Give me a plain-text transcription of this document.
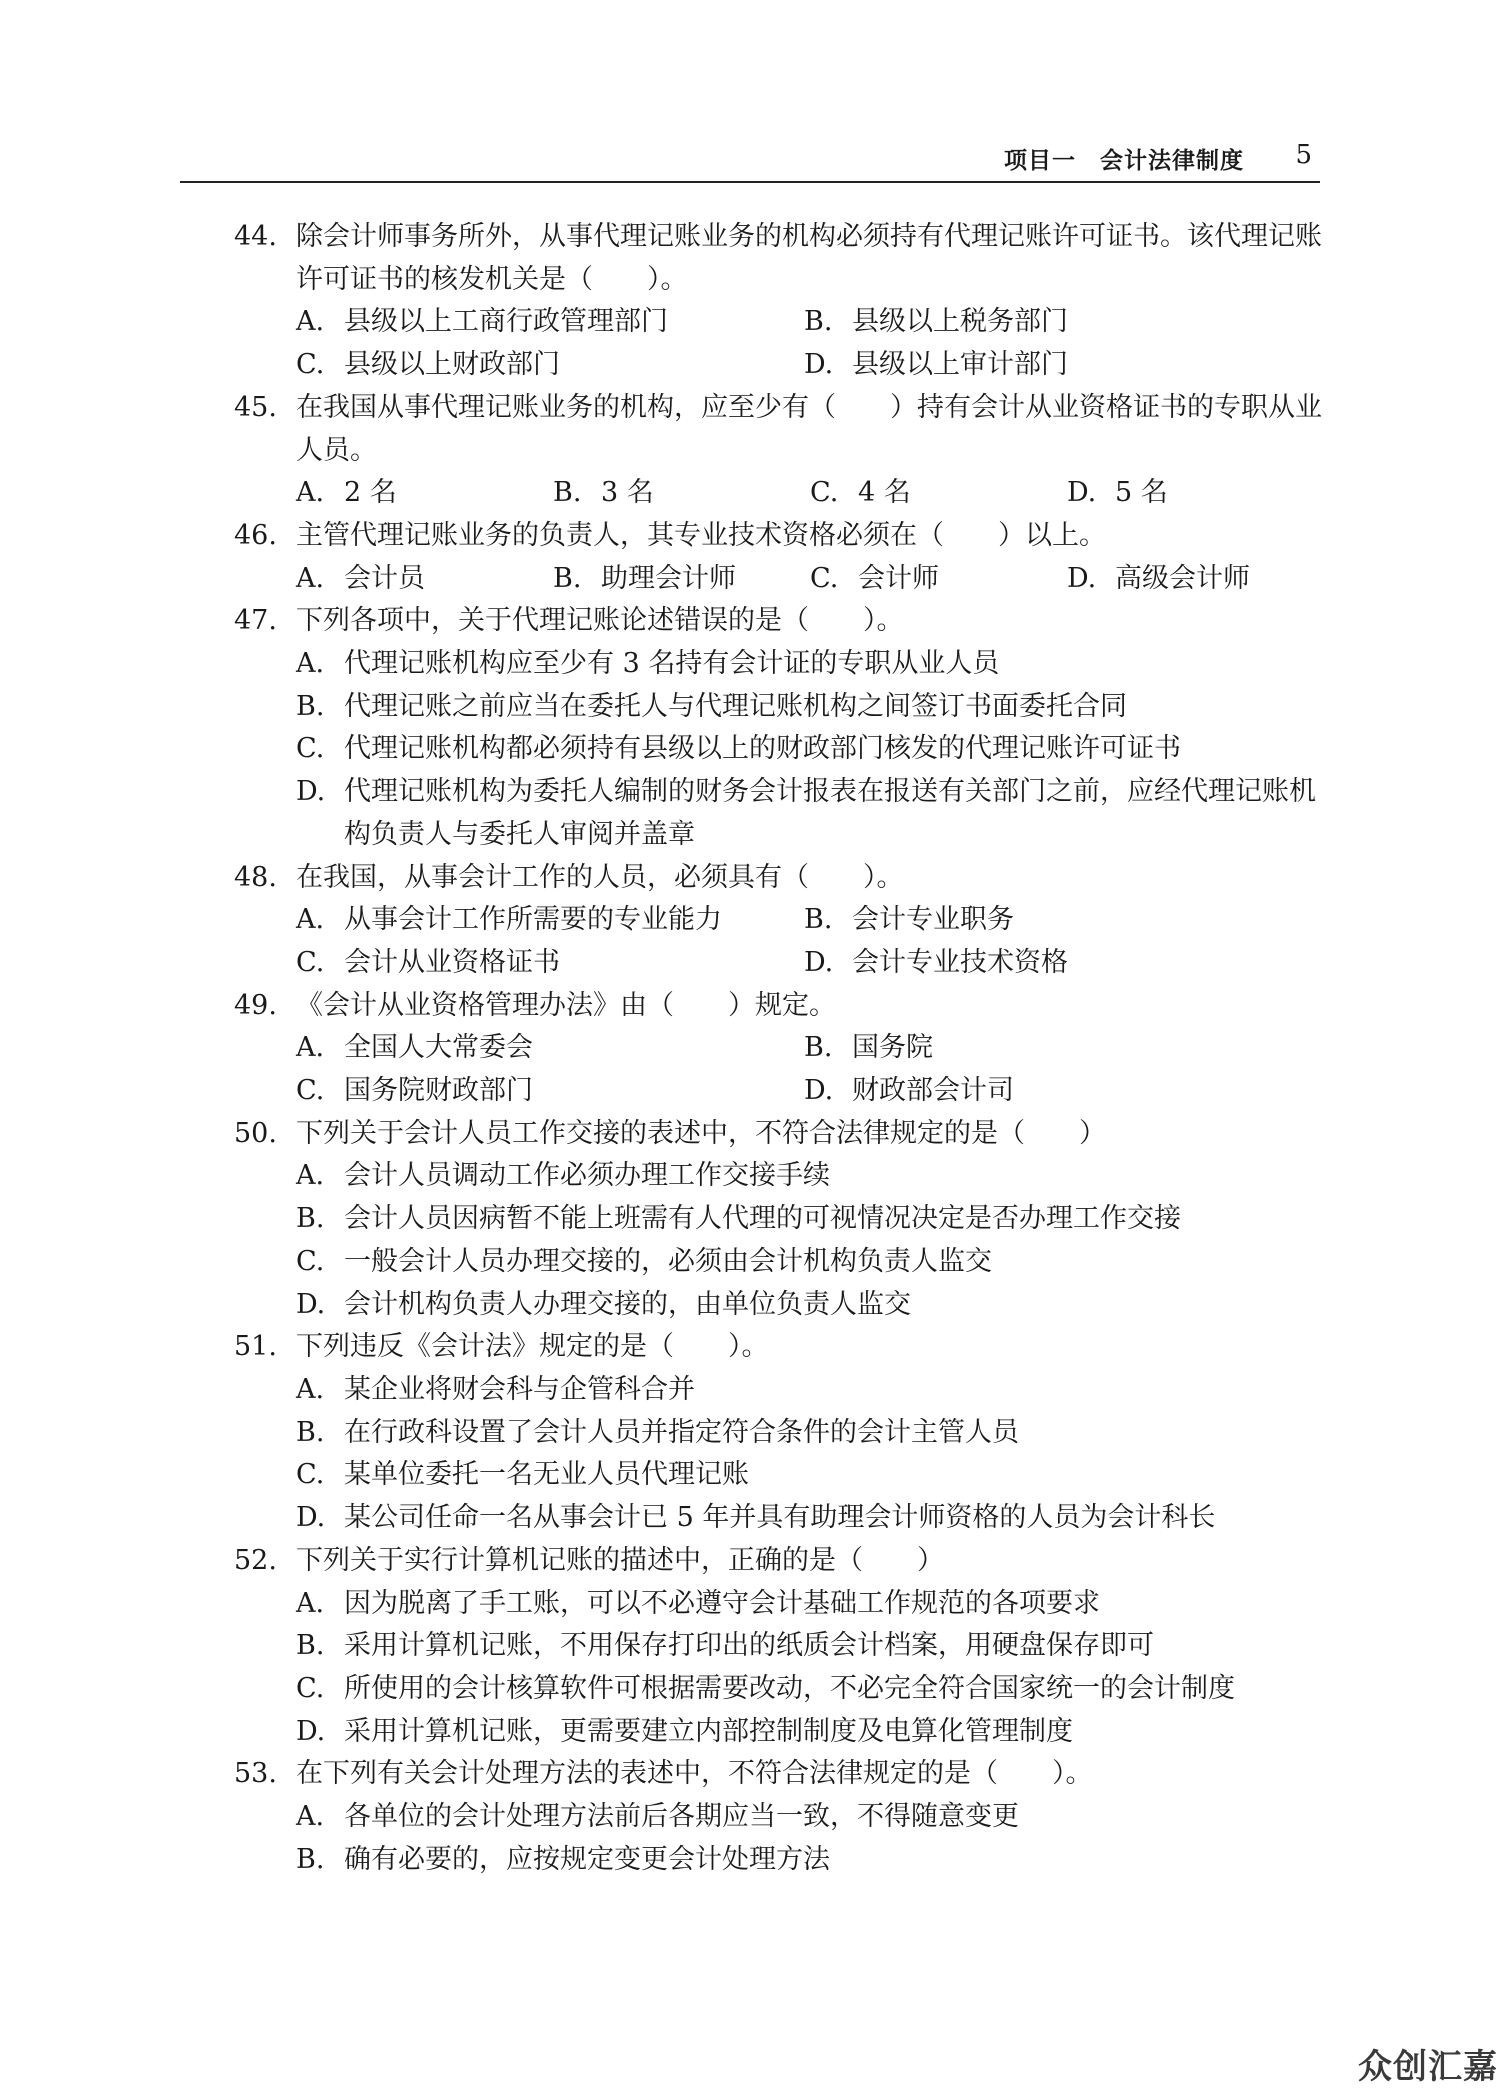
项目一　会计法律制度 5
44. 除会计师事务所外，从事代理记账业务的机构必须持有代理记账许可证书。该代理记账许可证书的核发机关是（　　）。
A. 县级以上工商行政管理部门	B. 县级以上税务部门
C. 县级以上财政部门	D. 县级以上审计部门
45. 在我国从事代理记账业务的机构，应至少有（　　）持有会计从业资格证书的专职从业人员。
A. 2 名	B. 3 名	C. 4 名	D. 5 名
46. 主管代理记账业务的负责人，其专业技术资格必须在（　　）以上。
A. 会计员	B. 助理会计师	C. 会计师	D. 高级会计师
47. 下列各项中，关于代理记账论述错误的是（　　）。
A. 代理记账机构应至少有 3 名持有会计证的专职从业人员
B. 代理记账之前应当在委托人与代理记账机构之间签订书面委托合同
C. 代理记账机构都必须持有县级以上的财政部门核发的代理记账许可证书
D. 代理记账机构为委托人编制的财务会计报表在报送有关部门之前，应经代理记账机构负责人与委托人审阅并盖章
48. 在我国，从事会计工作的人员，必须具有（　　）。
A. 从事会计工作所需要的专业能力	B. 会计专业职务
C. 会计从业资格证书	D. 会计专业技术资格
49. 《会计从业资格管理办法》由（　　）规定。
A. 全国人大常委会	B. 国务院
C. 国务院财政部门	D. 财政部会计司
50. 下列关于会计人员工作交接的表述中，不符合法律规定的是（　　）
A. 会计人员调动工作必须办理工作交接手续
B. 会计人员因病暂不能上班需有人代理的可视情况决定是否办理工作交接
C. 一般会计人员办理交接的，必须由会计机构负责人监交
D. 会计机构负责人办理交接的，由单位负责人监交
51. 下列违反《会计法》规定的是（　　）。
A. 某企业将财会科与企管科合并
B. 在行政科设置了会计人员并指定符合条件的会计主管人员
C. 某单位委托一名无业人员代理记账
D. 某公司任命一名从事会计已 5 年并具有助理会计师资格的人员为会计科长
52. 下列关于实行计算机记账的描述中，正确的是（　　）
A. 因为脱离了手工账，可以不必遵守会计基础工作规范的各项要求
B. 采用计算机记账，不用保存打印出的纸质会计档案，用硬盘保存即可
C. 所使用的会计核算软件可根据需要改动，不必完全符合国家统一的会计制度
D. 采用计算机记账，更需要建立内部控制制度及电算化管理制度
53. 在下列有关会计处理方法的表述中，不符合法律规定的是（　　）。
A. 各单位的会计处理方法前后各期应当一致，不得随意变更
B. 确有必要的，应按规定变更会计处理方法
众创汇嘉
